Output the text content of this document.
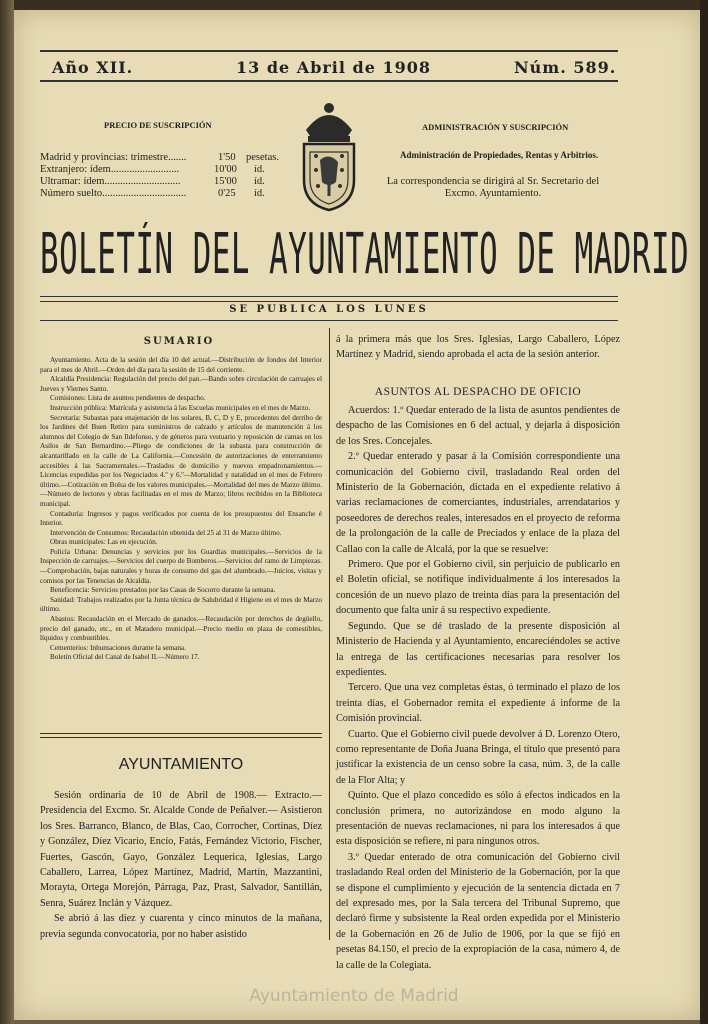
Año XII.	13 de Abril de 1908	Núm. 589.
PRECIO DE SUSCRIPCIÓN
Madrid y provincias: trimestre.......	1'50 pesetas.
Extranjero: ídem..........................	10'00 íd.
Ultramar: ídem.............................	15'00 íd.
Número suelto................................	0'25 íd.
ADMINISTRACIÓN Y SUSCRIPCIÓN
Administración de Propiedades, Rentas y Arbitrios.
La correspondencia se dirigirá al Sr. Secretario del Excmo. Ayuntamiento.
BOLETÍN DEL AYUNTAMIENTO DE MADRID
SE PUBLICA LOS LUNES
SUMARIO
Ayuntamiento. Acta de la sesión del día 10 del actual.—Distribución de fondos del Interior para el mes de Abril.—Orden del día para la sesión de 15 del corriente.
Alcaldía Presidencia: Regulación del precio del pan.—Bando sobre circulación de carruajes el Jueves y Viernes Santo.
Comisiones: Lista de asuntos pendientes de despacho.
Instrucción pública: Matrícula y asistencia á las Escuelas municipales en el mes de Marzo.
Secretaría: Subastas para enajenación de los solares, B, C, D y E, procedentes del derribo de los Jardines del Buen Retiro para suministros de calzado y artículos de manutención á los alumnos del Colegio de San Ildefonso, y de géneros para vestuario y reposición de camas en los Asilos de San Bernardino.—Pliego de condiciones de la subasta para construcción de alcantarillado en la calle de La California.—Concesión de autorizaciones de enterramiento accesibles á las Sacramentales.—Traslados de domicilio y nuevos empadronamientos.—Licencias expedidas por los Negociados 4.º y 6.º—Mortalidad y natalidad en el mes de Febrero último.—Cotización en Bolsa de los valores municipales.—Mortalidad del mes de Marzo último.—Número de lectores y obras facilitadas en el mes de Marzo; libros recibidos en la Biblioteca municipal.
Contaduría: Ingresos y pagos verificados por cuenta de los presupuestos del Ensanche é Interior.
Intervención de Consumos: Recaudación obtenida del 25 al 31 de Marzo último.
Obras municipales: Las en ejecución.
Policía Urbana: Denuncias y servicios por los Guardias municipales.—Servicios de la Inspección de carruajes.—Servicios del cuerpo de Bomberos.—Servicios del ramo de Limpiezas.—Comprobación, bajas naturales y horas de consumo del gas del alumbrado.—Juicios, visitas y comisos por las Tenencias de Alcaldía.
Beneficencia: Servicios prestados por las Casas de Socorro durante la semana.
Sanidad: Trabajos realizados por la Junta técnica de Salubridad é Higiene en el mes de Marzo último.
Abastos: Recaudación en el Mercado de ganados.—Recaudación por derechos de degüello, precio del ganado, etc., en el Matadero municipal.—Precio medio en plaza de comestibles, líquidos y combustibles.
Cementerios: Inhumaciones durante la semana.
Boletín Oficial del Canal de Isabel II.—Número 17.
AYUNTAMIENTO
Sesión ordinaria de 10 de Abril de 1908.— Extracto.— Presidencia del Excmo. Sr. Alcalde Conde de Peñalver.— Asistieron los Sres. Barranco, Blanco, de Blas, Cao, Corrocher, Cortinas, Díez y González, Díez Vicario, Encío, Fatás, Fernández Victorio, Fischer, Fuertes, Gascón, Gayo, González Lequerica, Iglesias, Largo Caballero, Larrea, López Martínez, Madrid, Martín, Mazzantini, Morayta, Ortega Morejón, Párraga, Paz, Prast, Salvador, Santillán, Senra, Suárez Inclán y Vázquez.
Se abrió á las diez y cuarenta y cinco minutos de la mañana, previa segunda convocatoria, por no haber asistido
á la primera más que los Sres. Iglesias, Largo Caballero, López Martínez y Madrid, siendo aprobada el acta de la sesión anterior.
ASUNTOS AL DESPACHO DE OFICIO
Acuerdos: 1.º Quedar enterado de la lista de asuntos pendientes de despacho de las Comisiones en 6 del actual, y dejarla á disposición de los Sres. Concejales.
2.º Quedar enterado y pasar á la Comisión correspondiente una comunicación del Gobierno civil, trasladando Real orden del Ministerio de la Gobernación, dictada en el expediente relativo á varias reclamaciones de comerciantes, industriales, arrendatarios y poseedores de derechos reales, interesados en el proyecto de reforma de la prolongación de la calle de Preciados y enlace de la plaza del Callao con la calle de Alcalá, por la que se resuelve:
Primero. Que por el Gobierno civil, sin perjuicio de publicarlo en el Boletín oficial, se notifique individualmente á los interesados la concesión de un nuevo plazo de treinta días para la presentación del documento que falta unir á su respectivo expediente.
Segundo. Que se dé traslado de la presente disposición al Ministerio de Hacienda y al Ayuntamiento, encareciéndoles se active la entrega de las certificaciones necesarias para resolver los expedientes.
Tercero. Que una vez completas éstas, ó terminado el plazo de los treinta días, el Gobernador remita el expediente á informe de la Comisión provincial.
Cuarto. Que el Gobierno civil puede devolver á D. Lorenzo Otero, como representante de Doña Juana Bringa, el título que presentó para justificar la existencia de un censo sobre la casa, núm. 3, de la calle de la Flor Alta; y
Quinto. Que el plazo concedido es sólo á efectos indicados en la conclusión primera, no autorizándose en modo alguno la presentación de nuevas reclamaciones, ni para los interesados á que esta disposición se refiere, ni para ningunos otros.
3.º Quedar enterado de otra comunicación del Gobierno civil trasladando Real orden del Ministerio de la Gobernación, por la que se dispone el cumplimiento y ejecución de la sentencia dictada en 7 del expresado mes, por la Sala tercera del Tribunal Supremo, que declaró firme y subsistente la Real orden expedida por el Ministerio de la Gobernación en 26 de Julio de 1906, por la que se fijó en pesetas 84.150, el precio de la expropiación de la casa, número 4, de la calle de la Colegiata.
Ayuntamiento de Madrid
